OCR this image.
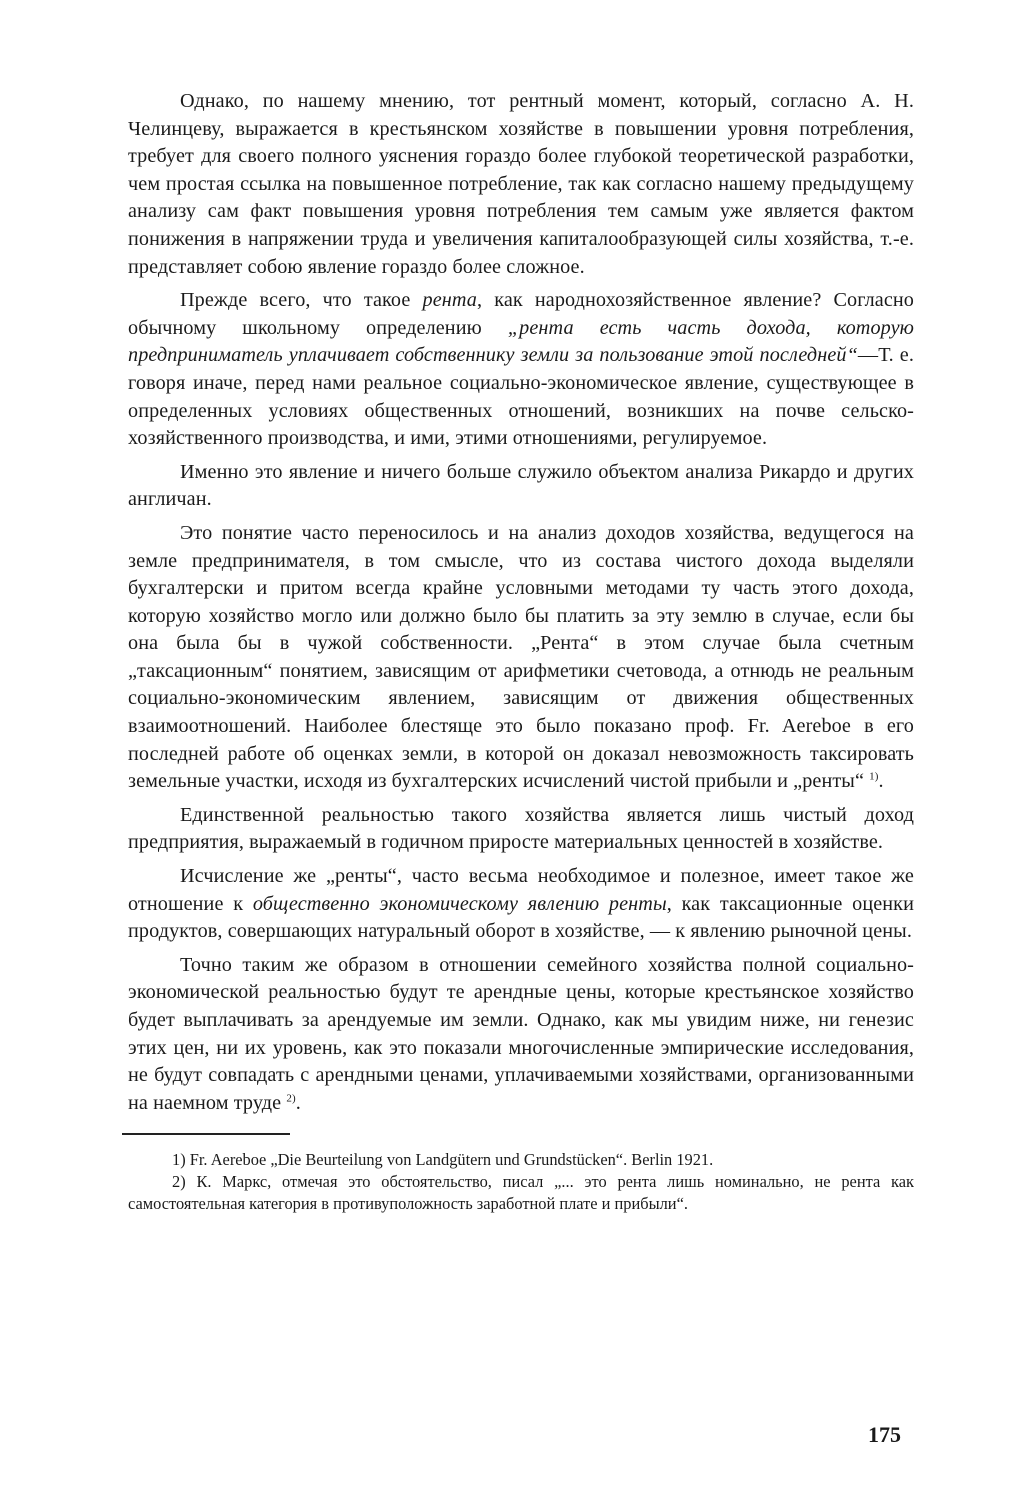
Однако, по нашему мнению, тот рентный момент, который, согласно А. Н. Челинцеву, выражается в крестьянском хозяйстве в повышении уровня потребления, требует для своего полного уяснения гораздо более глубокой теоретической разработки, чем простая ссылка на повышенное потребление, так как согласно нашему предыдущему анализу сам факт повышения уровня потребления тем самым уже является фактом понижения в напряжении труда и увеличения капиталообразующей силы хозяйства, т.-е. представляет собою явление гораздо более сложное.

Прежде всего, что такое рента, как народнохозяйственное явление? Согласно обычному школьному определению „рента есть часть дохода, которую предприниматель уплачивает собственнику земли за пользование этой последней“—Т. е. говоря иначе, перед нами реальное социально-экономическое явление, существующее в определенных условиях общественных отношений, возникших на почве сельско-хозяйственного производства, и ими, этими отношениями, регулируемое.

Именно это явление и ничего больше служило объектом анализа Рикардо и других англичан.

Это понятие часто переносилось и на анализ доходов хозяйства, ведущегося на земле предпринимателя, в том смысле, что из состава чистого дохода выделяли бухгалтерски и притом всегда крайне условными методами ту часть этого дохода, которую хозяйство могло или должно было бы платить за эту землю в случае, если бы она была бы в чужой собственности. „Рента“ в этом случае была счетным „таксационным“ понятием, зависящим от арифметики счетовода, а отнюдь не реальным социально-экономическим явлением, зависящим от движения общественных взаимоотношений. Наиболее блестяще это было показано проф. Fr. Aereboe в его последней работе об оценках земли, в которой он доказал невозможность таксировать земельные участки, исходя из бухгалтерских исчислений чистой прибыли и „ренты“ $^{1)}$.

Единственной реальностью такого хозяйства является лишь чистый доход предприятия, выражаемый в годичном приросте материальных ценностей в хозяйстве.

Исчисление же „ренты“, часто весьма необходимое и полезное, имеет такое же отношение к общественно экономическому явлению ренты, как таксационные оценки продуктов, совершающих натуральный оборот в хозяйстве, — к явлению рыночной цены.

Точно таким же образом в отношении семейного хозяйства полной социально-экономической реальностью будут те арендные цены, которые крестьянское хозяйство будет выплачивать за арендуемые им земли. Однако, как мы увидим ниже, ни генезис этих цен, ни их уровень, как это показали многочисленные эмпирические исследования, не будут совпадать с арендными ценами, уплачиваемыми хозяйствами, организованными на наемном труде $^{2)}$.

1) Fr. Aereboe „Die Beurteilung von Landgütern und Grundstücken“. Berlin 1921.

2) К. Маркс, отмечая это обстоятельство, писал „... это рента лишь номинально, не рента как самостоятельная категория в противуположность заработной плате и прибыли“.

175
